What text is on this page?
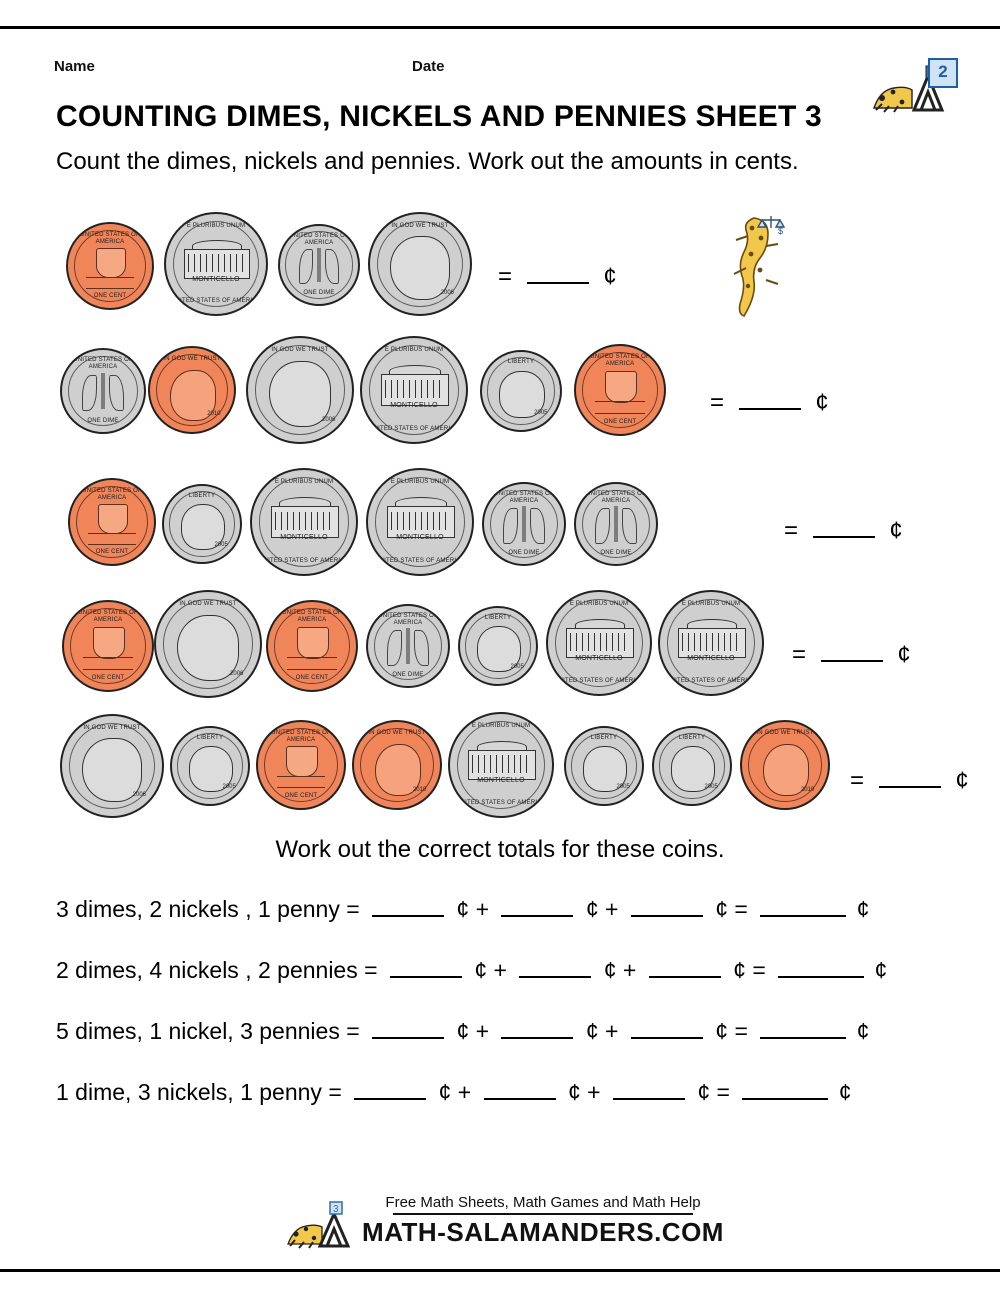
Name	Date	2
COUNTING DIMES, NICKELS AND PENNIES SHEET 3
Count the dimes, nickels and pennies. Work out the amounts in cents.
$
UNITED STATES OF AMERICA
ONE CENT
E PLURIBUS UNUM
MONTICELLO
UNITED STATES OF AMERICA
UNITED STATES OF AMERICA
ONE DIME
IN GOD WE TRUST
2006
=	¢
UNITED STATES OF AMERICA
ONE DIME
IN GOD WE TRUST
2010
IN GOD WE TRUST
2006
E PLURIBUS UNUM
MONTICELLO
UNITED STATES OF AMERICA
LIBERTY
2005
UNITED STATES OF AMERICA
ONE CENT
=	¢
UNITED STATES OF AMERICA
ONE CENT
LIBERTY
2005
E PLURIBUS UNUM
MONTICELLO
UNITED STATES OF AMERICA
E PLURIBUS UNUM
MONTICELLO
UNITED STATES OF AMERICA
UNITED STATES OF AMERICA
ONE DIME
UNITED STATES OF AMERICA
ONE DIME
=	¢
UNITED STATES OF AMERICA
ONE CENT
IN GOD WE TRUST
2006
UNITED STATES OF AMERICA
ONE CENT
UNITED STATES OF AMERICA
ONE DIME
LIBERTY
2005
E PLURIBUS UNUM
MONTICELLO
UNITED STATES OF AMERICA
E PLURIBUS UNUM
MONTICELLO
UNITED STATES OF AMERICA
=	¢
IN GOD WE TRUST
2006
LIBERTY
2005
UNITED STATES OF AMERICA
ONE CENT
IN GOD WE TRUST
2010
E PLURIBUS UNUM
MONTICELLO
UNITED STATES OF AMERICA
LIBERTY
2005
LIBERTY
2005
IN GOD WE TRUST
2010 =	¢
Work out the correct totals for these coins.
3 dimes, 2 nickels , 1 penny =	¢ +	¢ +	¢ =	¢
2 dimes, 4 nickels , 2 pennies =	¢ +	¢ +	¢ =	¢
5 dimes, 1 nickel, 3 pennies =	¢ +	¢ +	¢ =	¢
1 dime, 3 nickels, 1 penny =	¢ +	¢ +	¢ =	¢
3	Free Math Sheets, Math Games and Math Help
MATH-SALAMANDERS.COM
